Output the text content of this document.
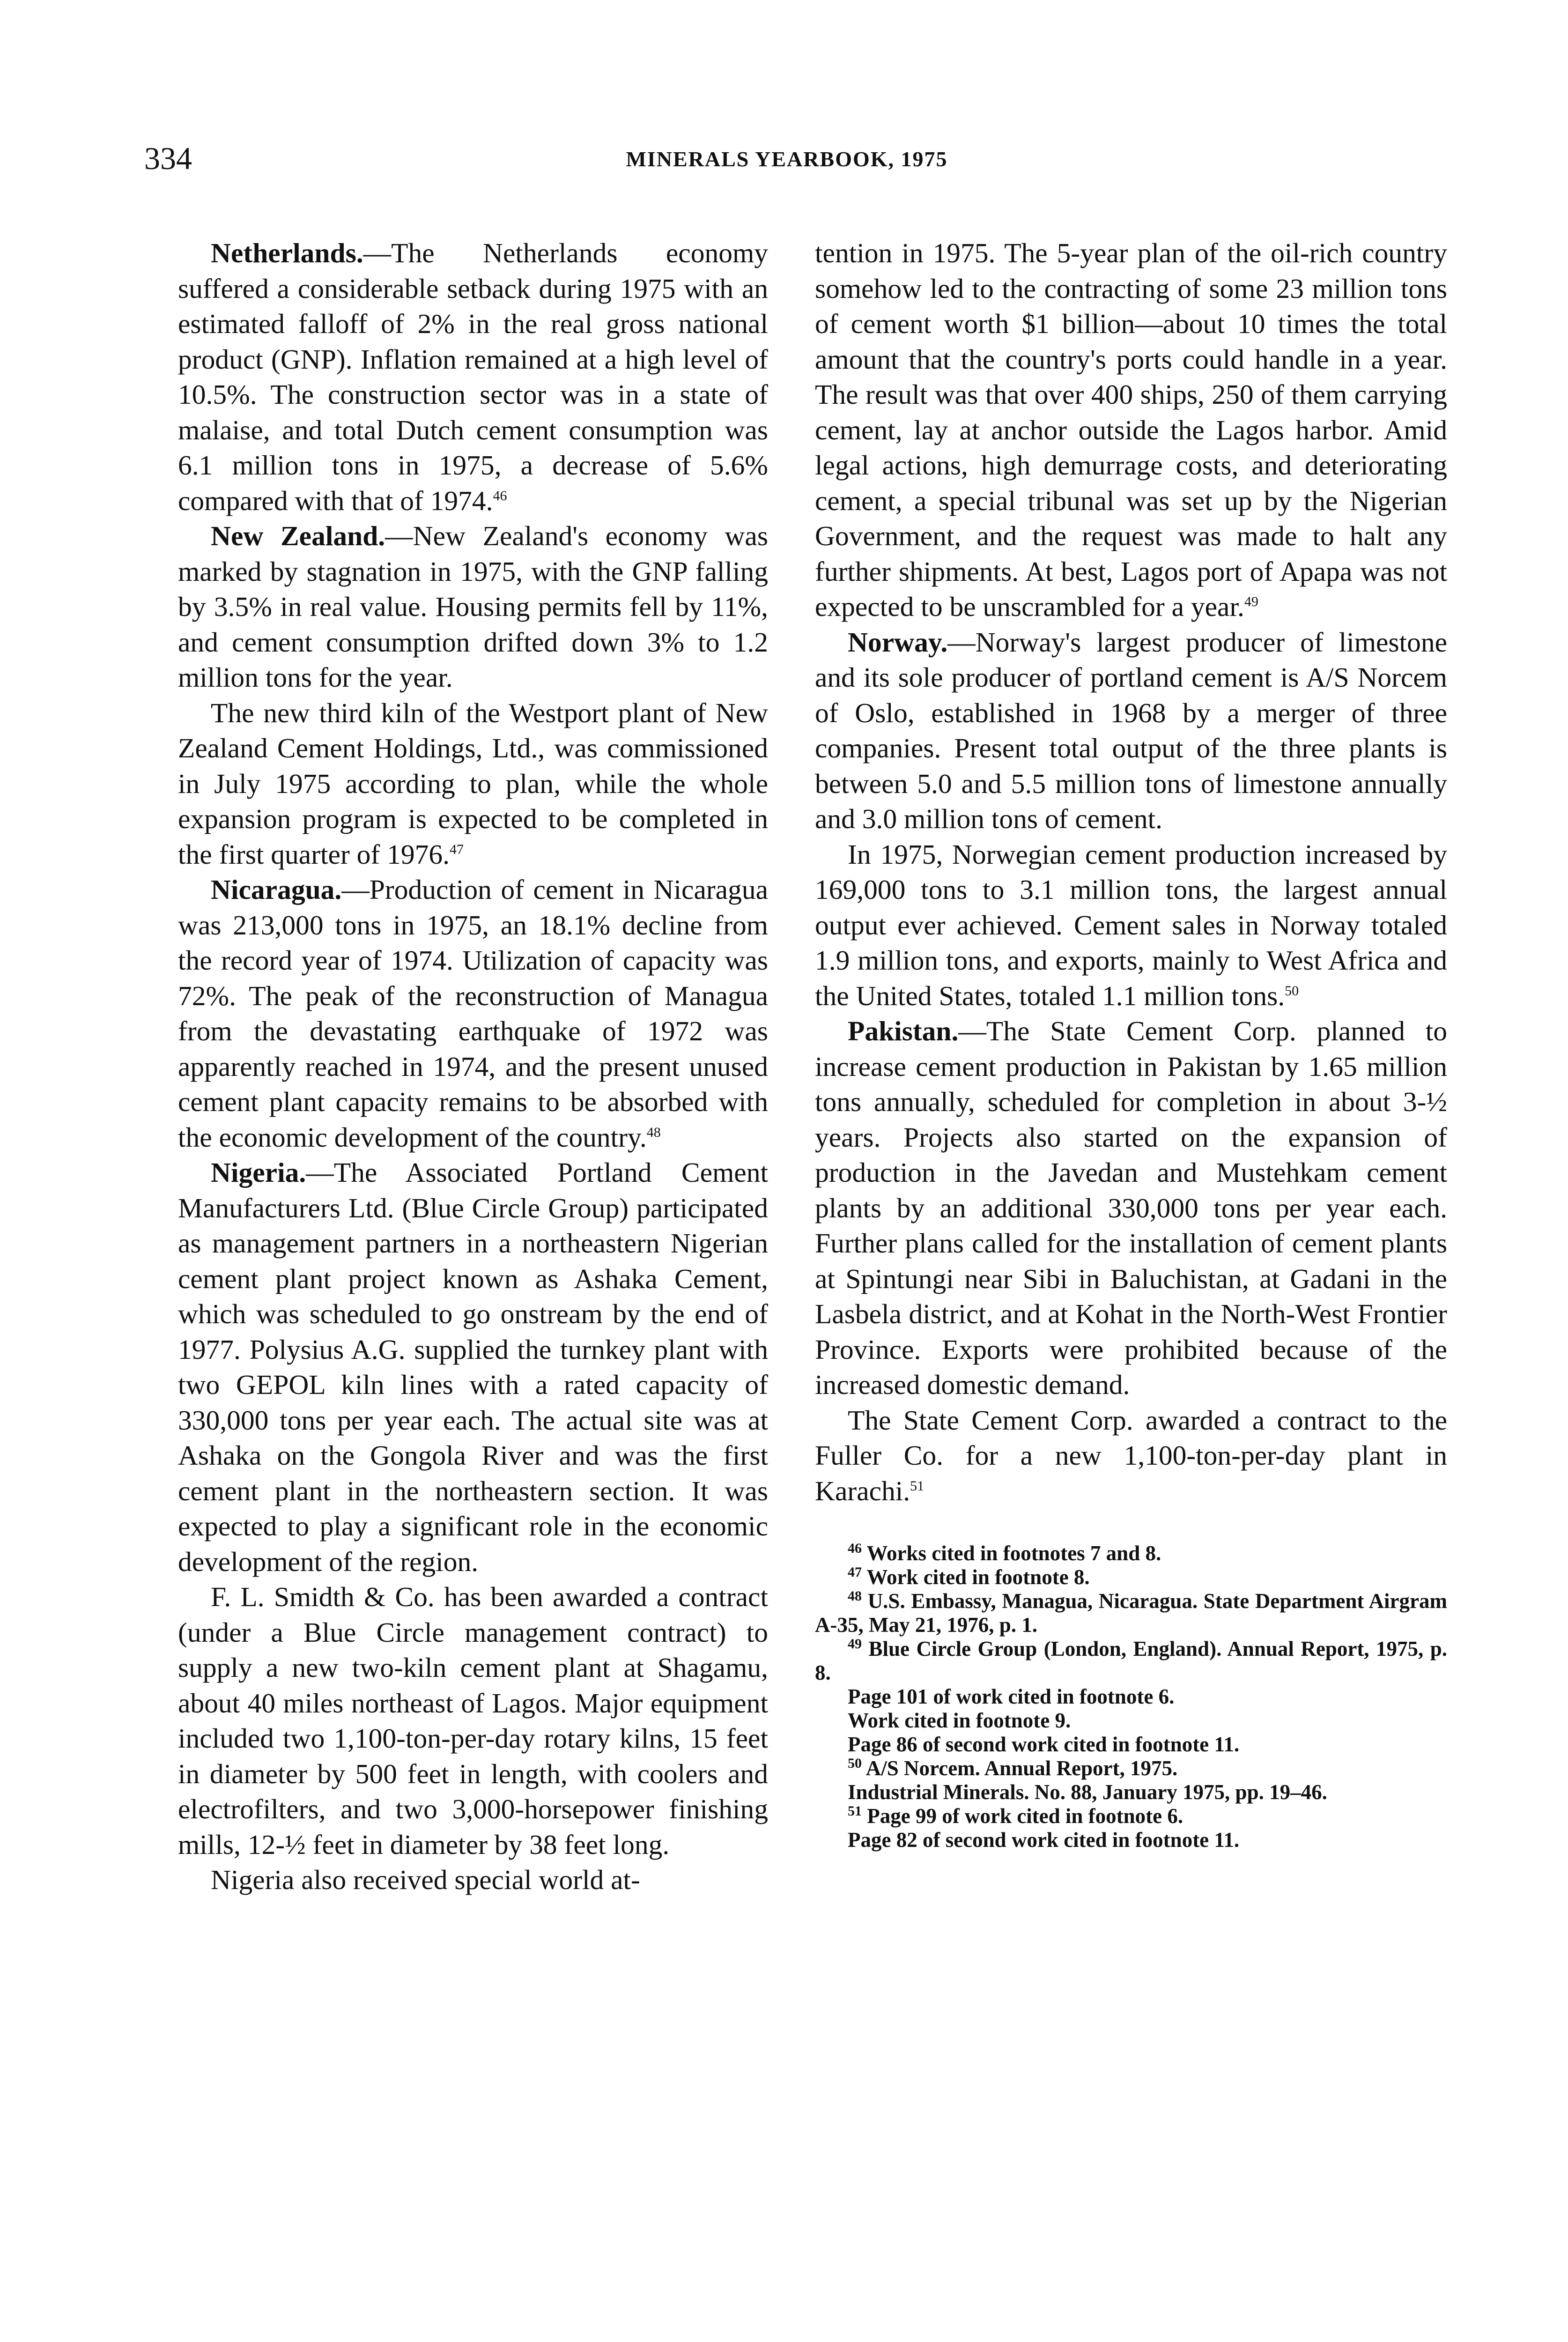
334	MINERALS YEARBOOK, 1975

Netherlands.—The Netherlands economy suffered a considerable setback during 1975 with an estimated falloff of 2% in the real gross national product (GNP). Inflation remained at a high level of 10.5%. The construction sector was in a state of malaise, and total Dutch cement consumption was 6.1 million tons in 1975, a decrease of 5.6% compared with that of 1974.46

New Zealand.—New Zealand's economy was marked by stagnation in 1975, with the GNP falling by 3.5% in real value. Housing permits fell by 11%, and cement consumption drifted down 3% to 1.2 million tons for the year.

The new third kiln of the Westport plant of New Zealand Cement Holdings, Ltd., was commissioned in July 1975 according to plan, while the whole expansion program is expected to be completed in the first quarter of 1976.47

Nicaragua.—Production of cement in Nicaragua was 213,000 tons in 1975, an 18.1% decline from the record year of 1974. Utilization of capacity was 72%. The peak of the reconstruction of Managua from the devastating earthquake of 1972 was apparently reached in 1974, and the present unused cement plant capacity remains to be absorbed with the economic development of the country.$^{48}$

Nigeria.—The Associated Portland Cement Manufacturers Ltd. (Blue Circle Group) participated as management partners in a northeastern Nigerian cement plant project known as Ashaka Cement, which was scheduled to go onstream by the end of 1977. Polysius A.G. supplied the turnkey plant with two GEPOL kiln lines with a rated capacity of 330,000 tons per year each. The actual site was at Ashaka on the Gongola River and was the first cement plant in the northeastern section. It was expected to play a significant role in the economic development of the region.

F. L. Smidth & Co. has been awarded a contract (under a Blue Circle management contract) to supply a new two-kiln cement plant at Shagamu, about 40 miles northeast of Lagos. Major equipment included two 1,100-ton-per-day rotary kilns, 15 feet in diameter by 500 feet in length, with coolers and electrofilters, and two 3,000-horsepower finishing mills, 12-½ feet in diameter by 38 feet long.

Nigeria also received special world at-

tention in 1975. The 5-year plan of the oil-rich country somehow led to the contracting of some 23 million tons of cement worth $1 billion—about 10 times the total amount that the country's ports could handle in a year. The result was that over 400 ships, 250 of them carrying cement, lay at anchor outside the Lagos harbor. Amid legal actions, high demurrage costs, and deteriorating cement, a special tribunal was set up by the Nigerian Government, and the request was made to halt any further shipments. At best, Lagos port of Apapa was not expected to be unscrambled for a year.$^{49}$

Norway.—Norway's largest producer of limestone and its sole producer of portland cement is A/S Norcem of Oslo, established in 1968 by a merger of three companies. Present total output of the three plants is between 5.0 and 5.5 million tons of limestone annually and 3.0 million tons of cement.

In 1975, Norwegian cement production increased by 169,000 tons to 3.1 million tons, the largest annual output ever achieved. Cement sales in Norway totaled 1.9 million tons, and exports, mainly to West Africa and the United States, totaled 1.1 million tons.$^{50}$

Pakistan.—The State Cement Corp. planned to increase cement production in Pakistan by 1.65 million tons annually, scheduled for completion in about 3-½ years. Projects also started on the expansion of production in the Javedan and Mustehkam cement plants by an additional 330,000 tons per year each. Further plans called for the installation of cement plants at Spintungi near Sibi in Baluchistan, at Gadani in the Lasbela district, and at Kohat in the North-West Frontier Province. Exports were prohibited because of the increased domestic demand.

The State Cement Corp. awarded a contract to the Fuller Co. for a new 1,100-ton-per-day plant in Karachi.$^{51}$

$^{46}$ Works cited in footnotes 7 and 8.

$^{47}$ Work cited in footnote 8.

$^{48}$ U.S. Embassy, Managua, Nicaragua. State Department Airgram A-35, May 21, 1976, p. 1.

$^{49}$ Blue Circle Group (London, England). Annual Report, 1975, p. 8.

Page 101 of work cited in footnote 6.

Work cited in footnote 9.

Page 86 of second work cited in footnote 11.

$^{50}$ A/S Norcem. Annual Report, 1975.

Industrial Minerals. No. 88, January 1975, pp. 19–46.

$^{51}$ Page 99 of work cited in footnote 6.

Page 82 of second work cited in footnote 11.
